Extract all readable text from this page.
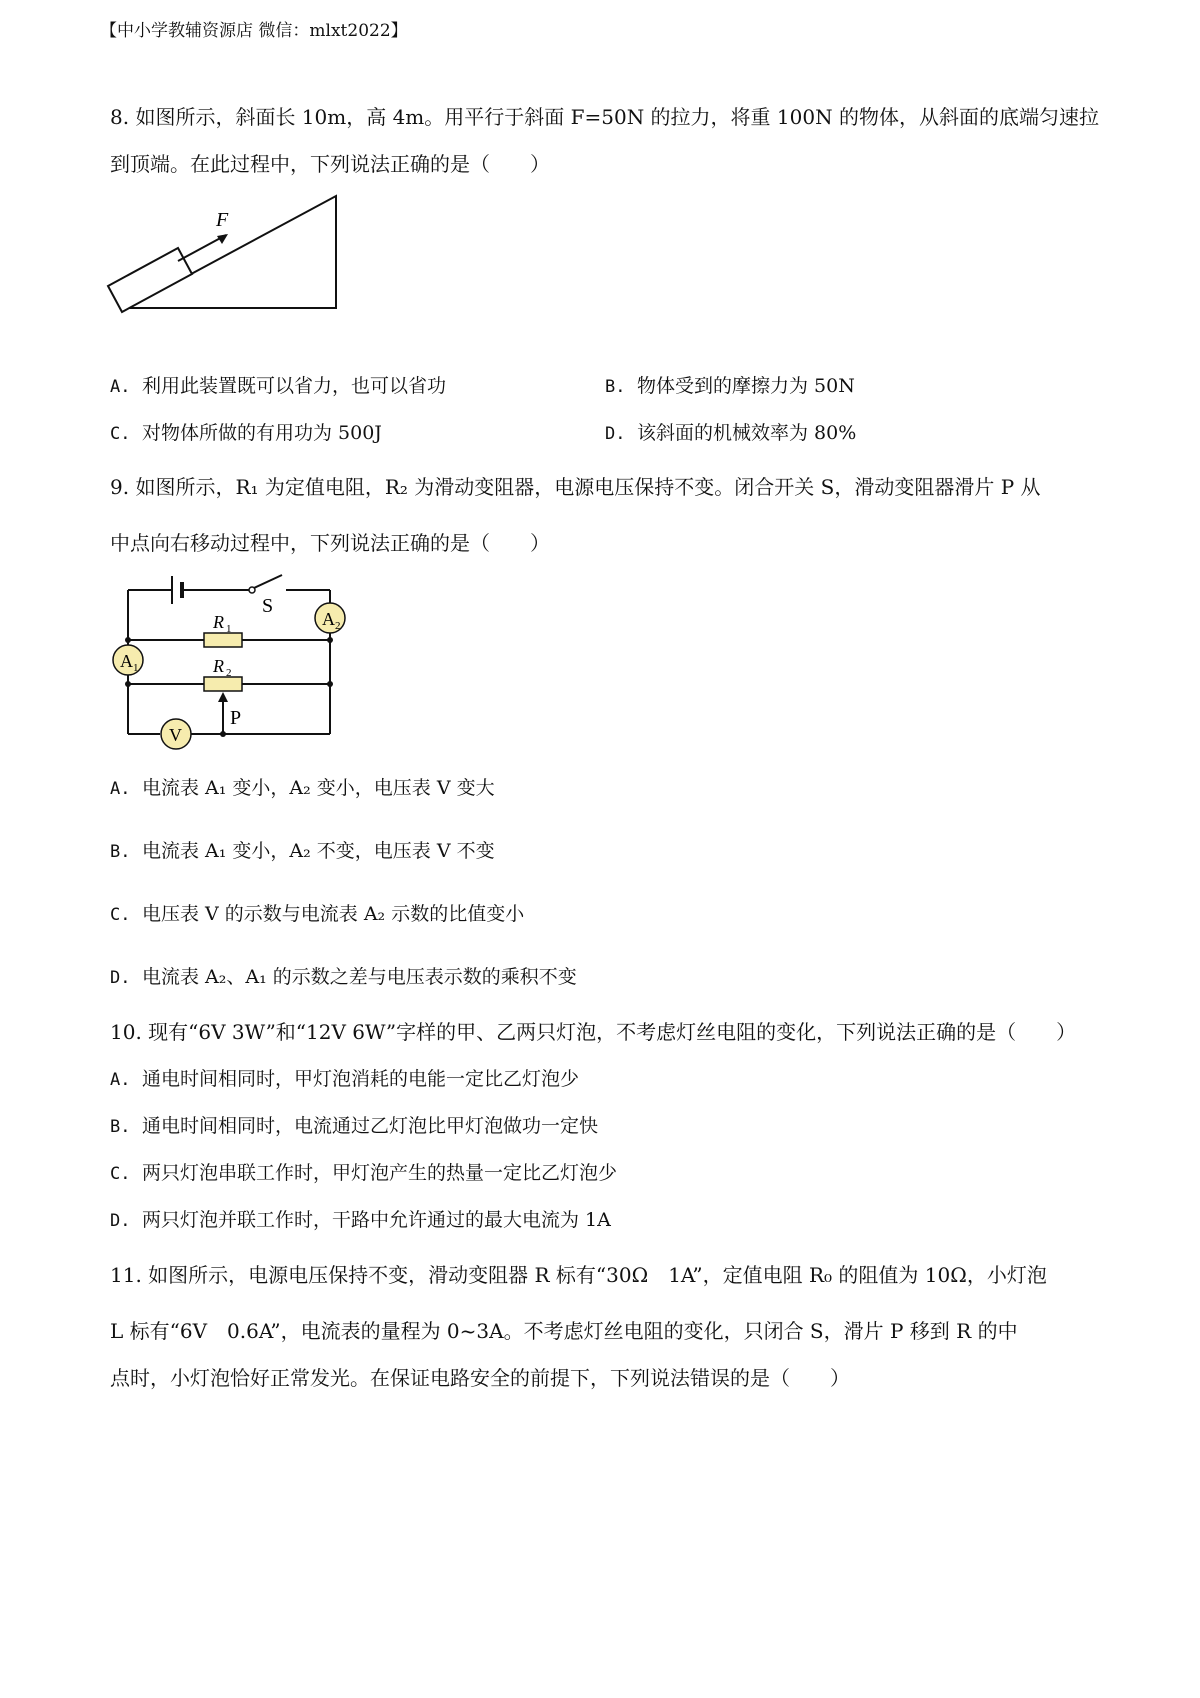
【中小学教辅资源店 微信：mlxt2022】
8. 如图所示，斜面长 10m，高 4m。用平行于斜面 F=50N 的拉力，将重 100N 的物体，从斜面的底端匀速拉
到顶端。在此过程中，下列说法正确的是（　　）
F
A. 利用此装置既可以省力，也可以省功	B. 物体受到的摩擦力为 50N
C. 对物体所做的有用功为 500J	D. 该斜面的机械效率为 80%
9. 如图所示，R₁ 为定值电阻，R₂ 为滑动变阻器，电源电压保持不变。闭合开关 S，滑动变阻器滑片 P 从
中点向右移动过程中，下列说法正确的是（　　）
S
A 2
R 1
A 1	R 2
P
V
A. 电流表 A₁ 变小，A₂ 变小，电压表 V 变大
B. 电流表 A₁ 变小，A₂ 不变，电压表 V 不变
C. 电压表 V 的示数与电流表 A₂ 示数的比值变小
D. 电流表 A₂、A₁ 的示数之差与电压表示数的乘积不变
10. 现有“6V 3W”和“12V 6W”字样的甲、乙两只灯泡，不考虑灯丝电阻的变化，下列说法正确的是（　　）
A. 通电时间相同时，甲灯泡消耗的电能一定比乙灯泡少
B. 通电时间相同时，电流通过乙灯泡比甲灯泡做功一定快
C. 两只灯泡串联工作时，甲灯泡产生的热量一定比乙灯泡少
D. 两只灯泡并联工作时，干路中允许通过的最大电流为 1A
11. 如图所示，电源电压保持不变，滑动变阻器 R 标有“30Ω　1A”，定值电阻 R₀ 的阻值为 10Ω，小灯泡
L 标有“6V　0.6A”，电流表的量程为 0~3A。不考虑灯丝电阻的变化，只闭合 S，滑片 P 移到 R 的中
点时，小灯泡恰好正常发光。在保证电路安全的前提下，下列说法错误的是（　　）
